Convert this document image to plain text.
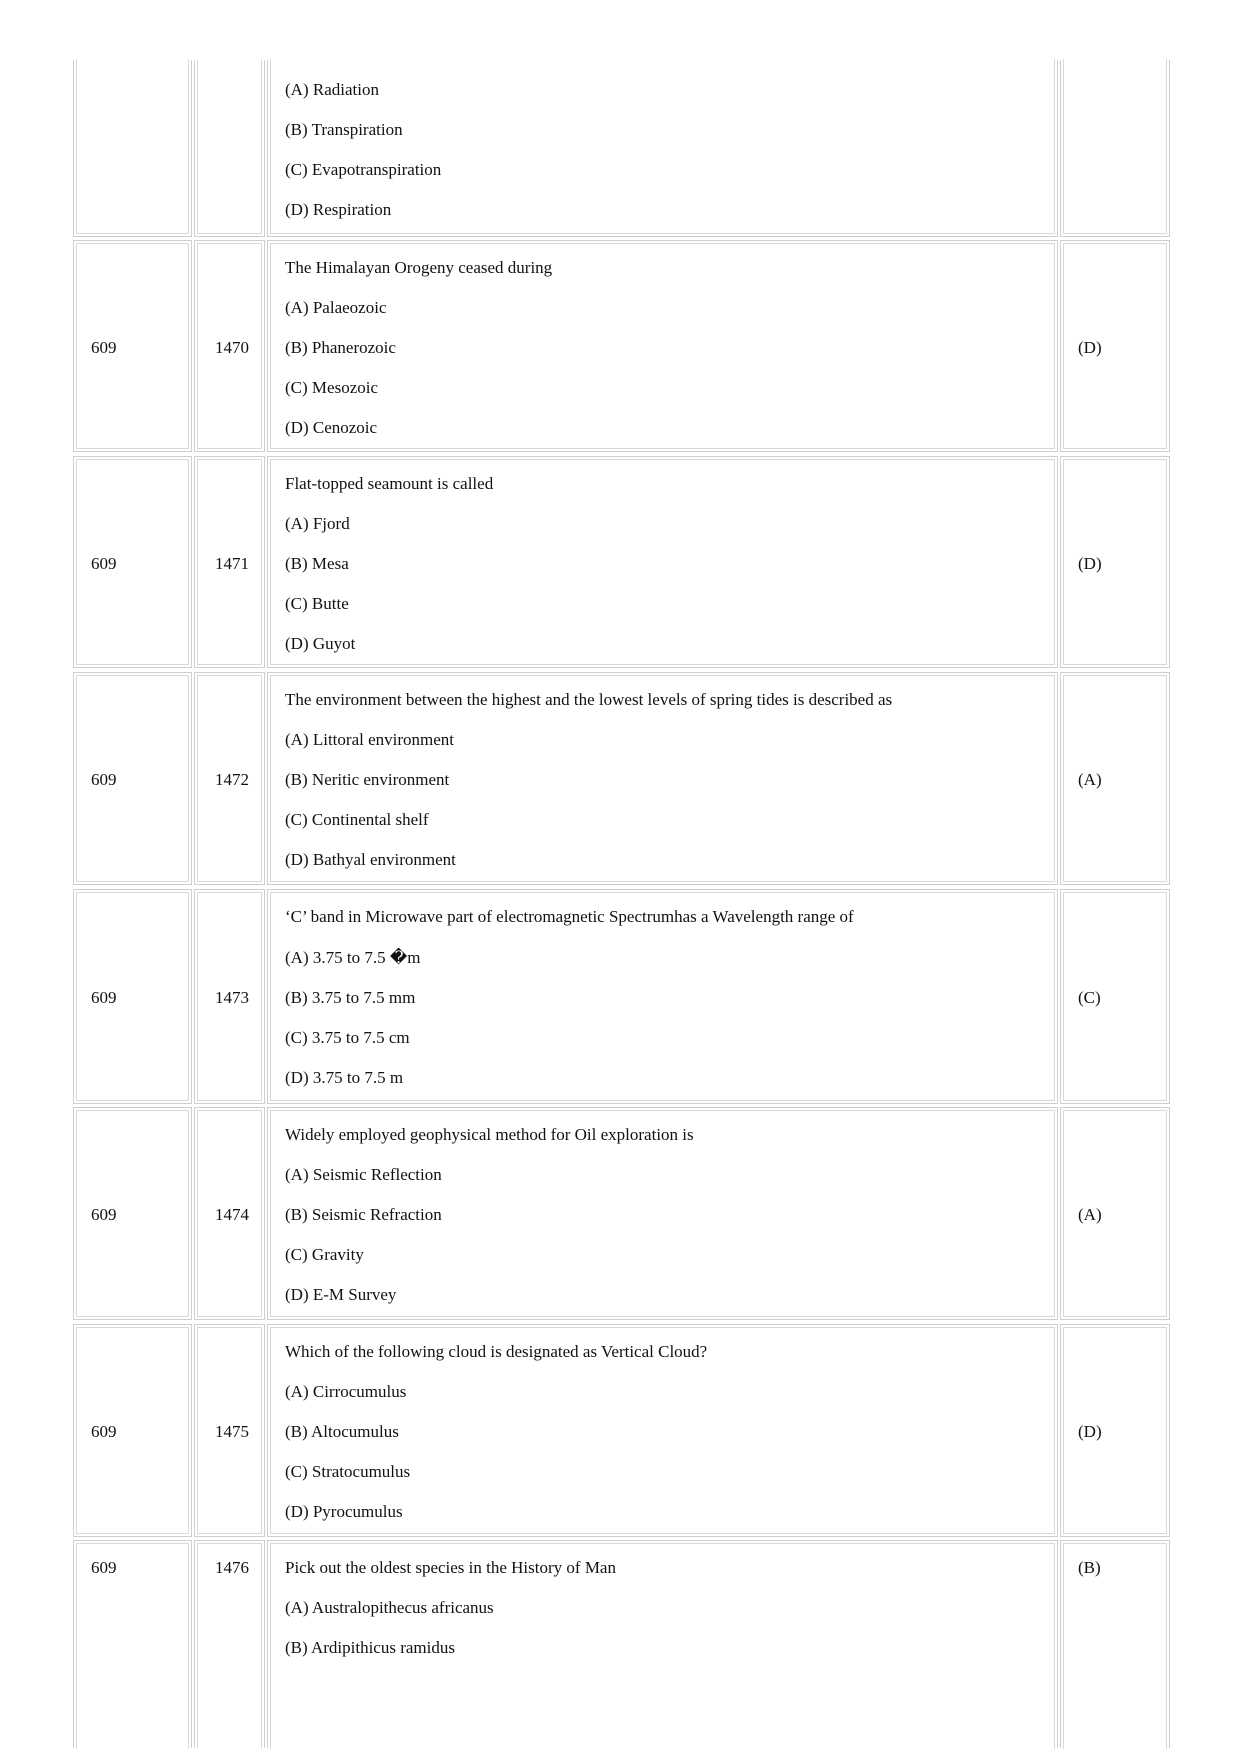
(A) Radiation
(B) Transpiration
(C) Evapotranspiration
(D) Respiration
609	1470
The Himalayan Orogeny ceased during
(A) Palaeozoic
(B) Phanerozoic
(C) Mesozoic
(D) Cenozoic
(D)
609	1471
Flat-topped seamount is called
(A) Fjord
(B) Mesa
(C) Butte
(D) Guyot
(D)
609	1472
The environment between the highest and the lowest levels of spring tides is described as
(A) Littoral environment
(B) Neritic environment
(C) Continental shelf
(D) Bathyal environment
(A)
609	1473
‘C’ band in Microwave part of electromagnetic Spectrumhas a Wavelength range of
(A) 3.75 to 7.5 �m
(B) 3.75 to 7.5 mm
(C) 3.75 to 7.5 cm
(D) 3.75 to 7.5 m
(C)
609	1474
Widely employed geophysical method for Oil exploration is
(A) Seismic Reflection
(B) Seismic Refraction
(C) Gravity
(D) E-M Survey
(A)
609	1475
Which of the following cloud is designated as Vertical Cloud?
(A) Cirrocumulus
(B) Altocumulus
(C) Stratocumulus
(D) Pyrocumulus
(D)
609	1476 Pick out the oldest species in the History of Man
(A) Australopithecus africanus
(B) Ardipithicus ramidus
(B)
